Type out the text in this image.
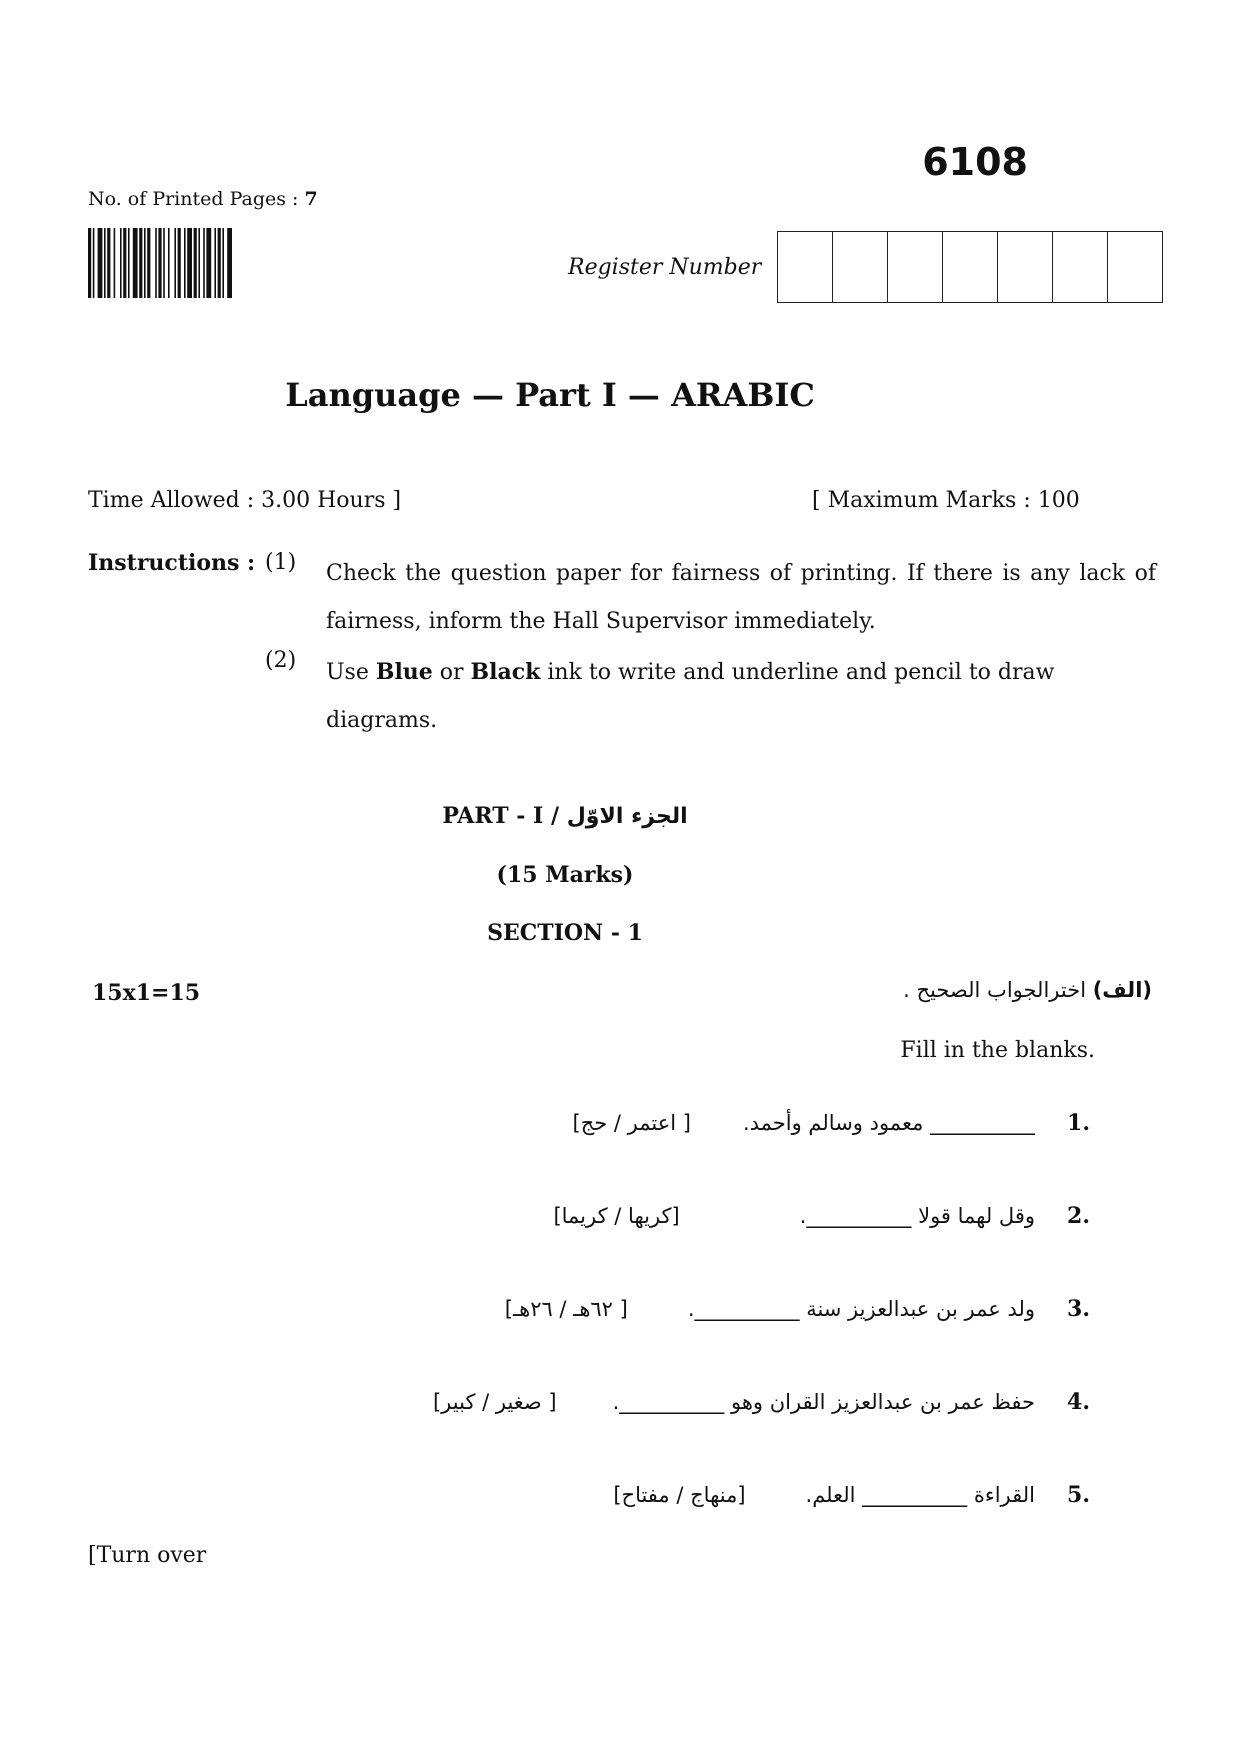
6108
No. of Printed Pages : 7
Register Number
Language — Part I — ARABIC
Time Allowed : 3.00 Hours ]	[ Maximum Marks : 100
Instructions : (1) Check the question paper for fairness of printing. If there is any lack of fairness, inform the Hall Supervisor immediately.
(2) Use Blue or Black ink to write and underline and pencil to draw diagrams.
PART - I / الجزء الاوّل
(15 Marks)
SECTION - 1
15x1=15	(الف) اخترالجواب الصحيح .
Fill in the blanks.
.1
__________ معمود وسالم وأحمد.
[ اعتمر / حج]
.2
وقل لهما قولا __________.
[كريها / كريما]
.3
ولد عمر بن عبدالعزيز سنة __________.
[ ٦٢هـ / ٢٦هـ]
.4
حفظ عمر بن عبدالعزيز القران وهو __________.
[ صغير / كبير]
.5
القراءة __________ العلم.
[منهاج / مفتاح]
[Turn over
